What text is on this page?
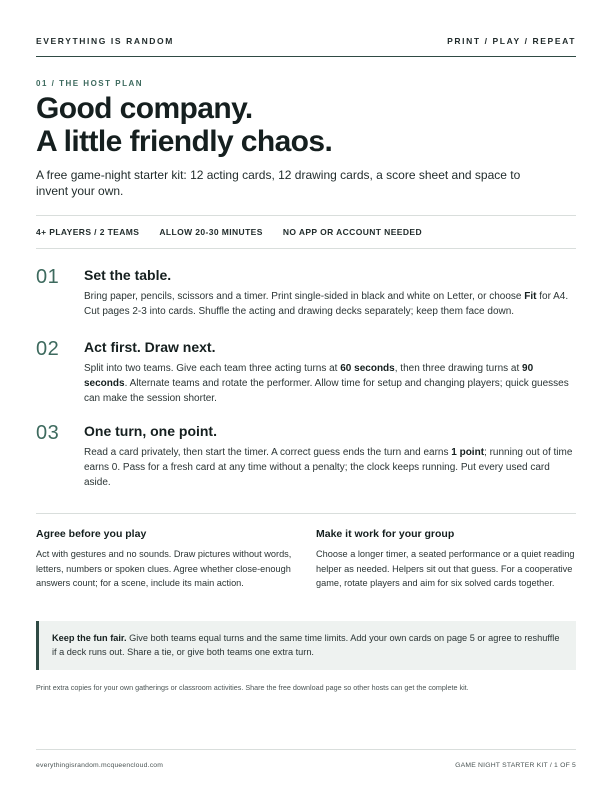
EVERYTHING IS RANDOM	PRINT / PLAY / REPEAT
01 / THE HOST PLAN
Good company.
A little friendly chaos.
A free game-night starter kit: 12 acting cards, 12 drawing cards, a score sheet and space to invent your own.
4+ PLAYERS / 2 TEAMS ALLOW 20-30 MINUTES NO APP OR ACCOUNT NEEDED
01 Set the table.
Bring paper, pencils, scissors and a timer. Print single-sided in black and white on Letter, or choose Fit for A4. Cut pages 2-3 into cards. Shuffle the acting and drawing decks separately; keep them face down.
02 Act first. Draw next.
Split into two teams. Give each team three acting turns at 60 seconds, then three drawing turns at 90 seconds. Alternate teams and rotate the performer. Allow time for setup and changing players; quick guesses can make the session shorter.
03 One turn, one point.
Read a card privately, then start the timer. A correct guess ends the turn and earns 1 point; running out of time earns 0. Pass for a fresh card at any time without a penalty; the clock keeps running. Put every used card aside.
Agree before you play
Act with gestures and no sounds. Draw pictures without words, letters, numbers or spoken clues. Agree whether close-enough answers count; for a scene, include its main action.
Make it work for your group
Choose a longer timer, a seated performance or a quiet reading helper as needed. Helpers sit out that guess. For a cooperative game, rotate players and aim for six solved cards together.
Keep the fun fair. Give both teams equal turns and the same time limits. Add your own cards on page 5 or agree to reshuffle if a deck runs out. Share a tie, or give both teams one extra turn.
Print extra copies for your own gatherings or classroom activities. Share the free download page so other hosts can get the complete kit.
everythingisrandom.mcqueencloud.com	GAME NIGHT STARTER KIT / 1 OF 5
